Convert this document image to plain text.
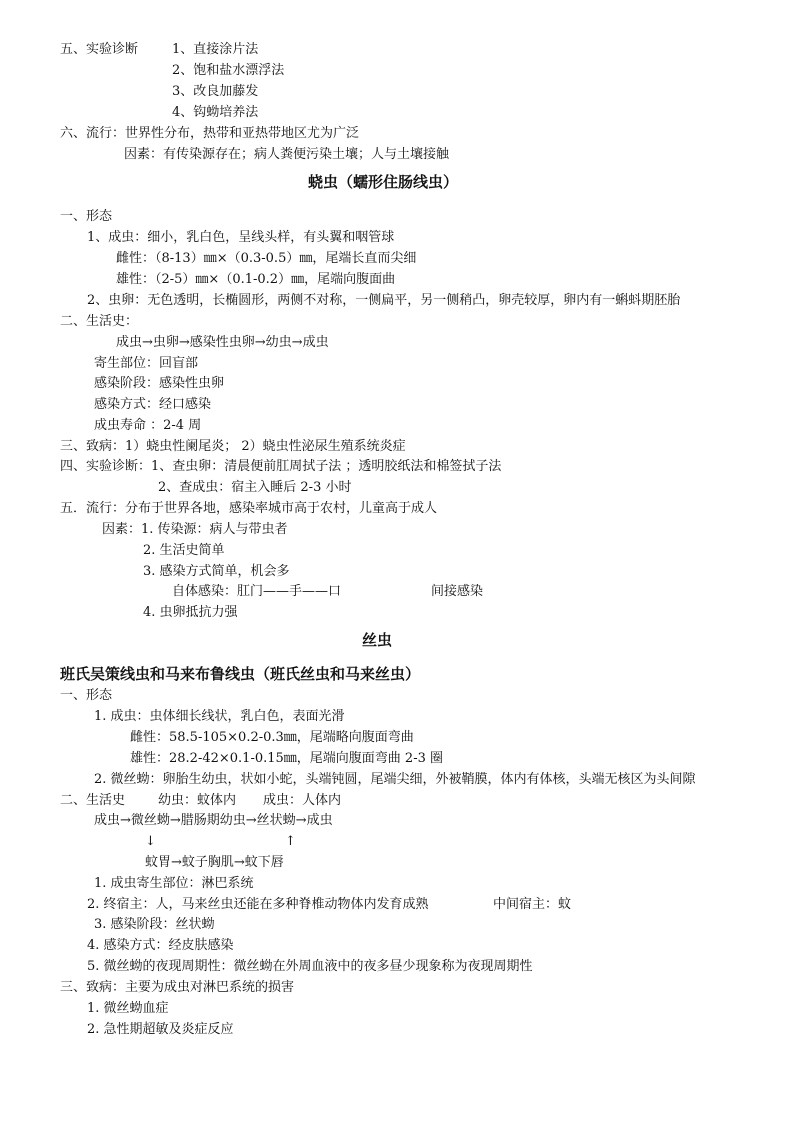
五、实验诊断	1、直接涂片法
2、饱和盐水漂浮法
3、改良加藤发
4、钩蚴培养法
六、流行：世界性分布，热带和亚热带地区尤为广泛
因素：有传染源存在；病人粪便污染土壤；人与土壤接触
蛲虫（蠕形住肠线虫）
一、形态
1、成虫：细小，乳白色，呈线头样，有头翼和咽管球
雌性：（8-13）㎜×（0.3-0.5）㎜，尾端长直而尖细
雄性：（2-5）㎜×（0.1-0.2）㎜，尾端向腹面曲
2、虫卵：无色透明，长椭圆形，两侧不对称，一侧扁平，另一侧稍凸，卵壳较厚，卵内有一蝌蚪期胚胎
二、生活史：
成虫→虫卵→感染性虫卵→幼虫→成虫
寄生部位：回盲部
感染阶段：感染性虫卵
感染方式：经口感染
成虫寿命 ：2-4 周
三、致病：1）蛲虫性阑尾炎； 2）蛲虫性泌尿生殖系统炎症
四、实验诊断：1、查虫卵：清晨便前肛周拭子法 ；透明胶纸法和棉签拭子法
2、查成虫：宿主入睡后 2-3 小时
五．流行：分布于世界各地，感染率城市高于农村，儿童高于成人
因素：1. 传染源：病人与带虫者
2. 生活史简单
3. 感染方式简单，机会多
自体感染：肛门——手——口	间接感染
4. 虫卵抵抗力强
丝虫
班氏吴策线虫和马来布鲁线虫（班氏丝虫和马来丝虫）
一、形态
1. 成虫：虫体细长线状，乳白色，表面光滑
雌性：58.5-105×0.2-0.3㎜，尾端略向腹面弯曲
雄性：28.2-42×0.1-0.15㎜，尾端向腹面弯曲 2-3 圈
2. 微丝蚴：卵胎生幼虫，状如小蛇，头端钝圆，尾端尖细，外被鞘膜，体内有体核，头端无核区为头间隙
二、生活史	幼虫：蚊体内 成虫：人体内
成虫→微丝蚴→腊肠期幼虫→丝状蚴→成虫
↓	↑
蚊胃→蚊子胸肌→蚊下唇
1. 成虫寄生部位：淋巴系统
2. 终宿主：人，马来丝虫还能在多种脊椎动物体内发育成熟	中间宿主：蚊
3. 感染阶段：丝状蚴
4. 感染方式：经皮肤感染
5. 微丝蚴的夜现周期性：微丝蚴在外周血液中的夜多昼少现象称为夜现周期性
三、致病：主要为成虫对淋巴系统的损害
1. 微丝蚴血症
2. 急性期超敏及炎症反应
